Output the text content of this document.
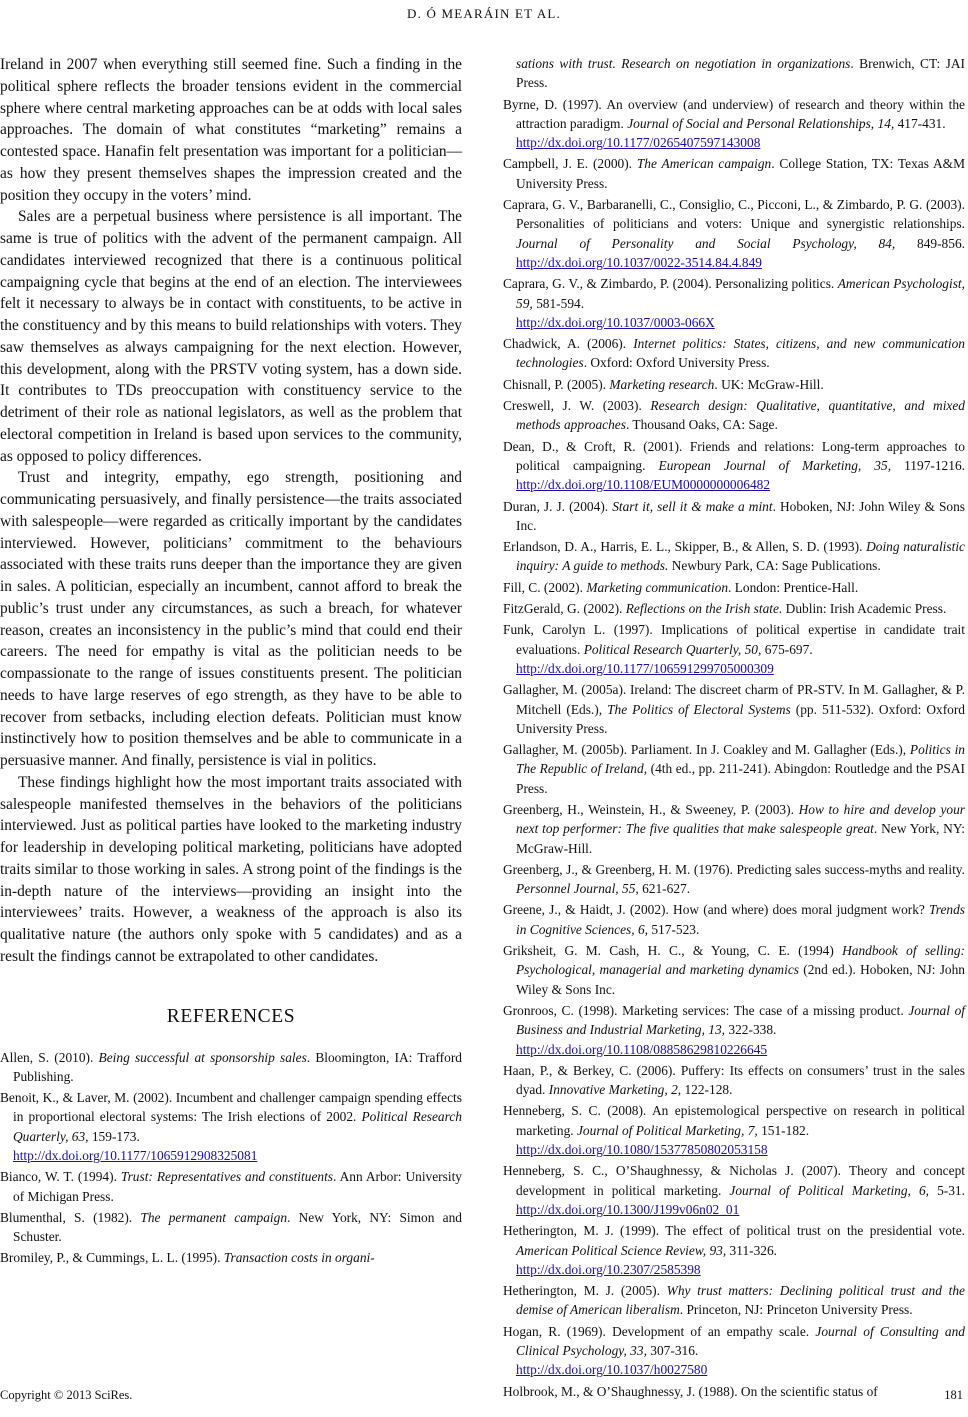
D. Ó MEARÁIN ET AL.

Ireland in 2007 when everything still seemed fine. Such a finding in the political sphere reflects the broader tensions evident in the commercial sphere where central marketing approaches can be at odds with local sales approaches. The domain of what constitutes “marketing” remains a contested space. Hanafin felt presentation was important for a politician—as how they present themselves shapes the impression created and the position they occupy in the voters’ mind.

Sales are a perpetual business where persistence is all important. The same is true of politics with the advent of the permanent campaign. All candidates interviewed recognized that there is a continuous political campaigning cycle that begins at the end of an election. The interviewees felt it necessary to always be in contact with constituents, to be active in the constituency and by this means to build relationships with voters. They saw themselves as always campaigning for the next election. However, this development, along with the PRSTV voting system, has a down side. It contributes to TDs preoccupation with constituency service to the detriment of their role as national legislators, as well as the problem that electoral competition in Ireland is based upon services to the community, as opposed to policy differences.

Trust and integrity, empathy, ego strength, positioning and communicating persuasively, and finally persistence—the traits associated with salespeople—were regarded as critically important by the candidates interviewed. However, politicians’ commitment to the behaviours associated with these traits runs deeper than the importance they are given in sales. A politician, especially an incumbent, cannot afford to break the public’s trust under any circumstances, as such a breach, for whatever reason, creates an inconsistency in the public’s mind that could end their careers. The need for empathy is vital as the politician needs to be compassionate to the range of issues constituents present. The politician needs to have large reserves of ego strength, as they have to be able to recover from setbacks, including election defeats. Politician must know instinctively how to position themselves and be able to communicate in a persuasive manner. And finally, persistence is vial in politics.

These findings highlight how the most important traits associated with salespeople manifested themselves in the behaviors of the politicians interviewed. Just as political parties have looked to the marketing industry for leadership in developing political marketing, politicians have adopted traits similar to those working in sales. A strong point of the findings is the in-depth nature of the interviews—providing an insight into the interviewees’ traits. However, a weakness of the approach is also its qualitative nature (the authors only spoke with 5 candidates) and as a result the findings cannot be extrapolated to other candidates.

REFERENCES

Allen, S. (2010). Being successful at sponsorship sales. Bloomington, IA: Trafford Publishing.

Benoit, K., & Laver, M. (2002). Incumbent and challenger campaign spending effects in proportional electoral systems: The Irish elections of 2002. Political Research Quarterly, 63, 159-173.
http://dx.doi.org/10.1177/1065912908325081

Bianco, W. T. (1994). Trust: Representatives and constituents. Ann Arbor: University of Michigan Press.

Blumenthal, S. (1982). The permanent campaign. New York, NY: Simon and Schuster.

Bromiley, P., & Cummings, L. L. (1995). Transaction costs in organi-

sations with trust. Research on negotiation in organizations. Brenwich, CT: JAI Press.

Byrne, D. (1997). An overview (and underview) of research and theory within the attraction paradigm. Journal of Social and Personal Relationships, 14, 417-431.
http://dx.doi.org/10.1177/0265407597143008

Campbell, J. E. (2000). The American campaign. College Station, TX: Texas A&M University Press.

Caprara, G. V., Barbaranelli, C., Consiglio, C., Picconi, L., & Zimbardo, P. G. (2003). Personalities of politicians and voters: Unique and synergistic relationships. Journal of Personality and Social Psychology, 84, 849-856. http://dx.doi.org/10.1037/0022-3514.84.4.849

Caprara, G. V., & Zimbardo, P. (2004). Personalizing politics. American Psychologist, 59, 581-594.
http://dx.doi.org/10.1037/0003-066X

Chadwick, A. (2006). Internet politics: States, citizens, and new communication technologies. Oxford: Oxford University Press.

Chisnall, P. (2005). Marketing research. UK: McGraw-Hill.

Creswell, J. W. (2003). Research design: Qualitative, quantitative, and mixed methods approaches. Thousand Oaks, CA: Sage.

Dean, D., & Croft, R. (2001). Friends and relations: Long-term approaches to political campaigning. European Journal of Marketing, 35, 1197-1216. http://dx.doi.org/10.1108/EUM0000000006482

Duran, J. J. (2004). Start it, sell it & make a mint. Hoboken, NJ: John Wiley & Sons Inc.

Erlandson, D. A., Harris, E. L., Skipper, B., & Allen, S. D. (1993). Doing naturalistic inquiry: A guide to methods. Newbury Park, CA: Sage Publications.

Fill, C. (2002). Marketing communication. London: Prentice-Hall.

FitzGerald, G. (2002). Reflections on the Irish state. Dublin: Irish Academic Press.

Funk, Carolyn L. (1997). Implications of political expertise in candidate trait evaluations. Political Research Quarterly, 50, 675-697.
http://dx.doi.org/10.1177/106591299705000309

Gallagher, M. (2005a). Ireland: The discreet charm of PR-STV. In M. Gallagher, & P. Mitchell (Eds.), The Politics of Electoral Systems (pp. 511-532). Oxford: Oxford University Press.

Gallagher, M. (2005b). Parliament. In J. Coakley and M. Gallagher (Eds.), Politics in The Republic of Ireland, (4th ed., pp. 211-241). Abingdon: Routledge and the PSAI Press.

Greenberg, H., Weinstein, H., & Sweeney, P. (2003). How to hire and develop your next top performer: The five qualities that make salespeople great. New York, NY: McGraw-Hill.

Greenberg, J., & Greenberg, H. M. (1976). Predicting sales success-myths and reality. Personnel Journal, 55, 621-627.

Greene, J., & Haidt, J. (2002). How (and where) does moral judgment work? Trends in Cognitive Sciences, 6, 517-523.

Griksheit, G. M. Cash, H. C., & Young, C. E. (1994) Handbook of selling: Psychological, managerial and marketing dynamics (2nd ed.). Hoboken, NJ: John Wiley & Sons Inc.

Gronroos, C. (1998). Marketing services: The case of a missing product. Journal of Business and Industrial Marketing, 13, 322-338.
http://dx.doi.org/10.1108/08858629810226645

Haan, P., & Berkey, C. (2006). Puffery: Its effects on consumers’ trust in the sales dyad. Innovative Marketing, 2, 122-128.

Henneberg, S. C. (2008). An epistemological perspective on research in political marketing. Journal of Political Marketing, 7, 151-182.
http://dx.doi.org/10.1080/15377850802053158

Henneberg, S. C., O’Shaughnessy, & Nicholas J. (2007). Theory and concept development in political marketing. Journal of Political Marketing, 6, 5-31. http://dx.doi.org/10.1300/J199v06n02_01

Hetherington, M. J. (1999). The effect of political trust on the presidential vote. American Political Science Review, 93, 311-326.
http://dx.doi.org/10.2307/2585398

Hetherington, M. J. (2005). Why trust matters: Declining political trust and the demise of American liberalism. Princeton, NJ: Princeton University Press.

Hogan, R. (1969). Development of an empathy scale. Journal of Consulting and Clinical Psychology, 33, 307-316.
http://dx.doi.org/10.1037/h0027580

Holbrook, M., & O’Shaughnessy, J. (1988). On the scientific status of

Copyright © 2013 SciRes.	181
